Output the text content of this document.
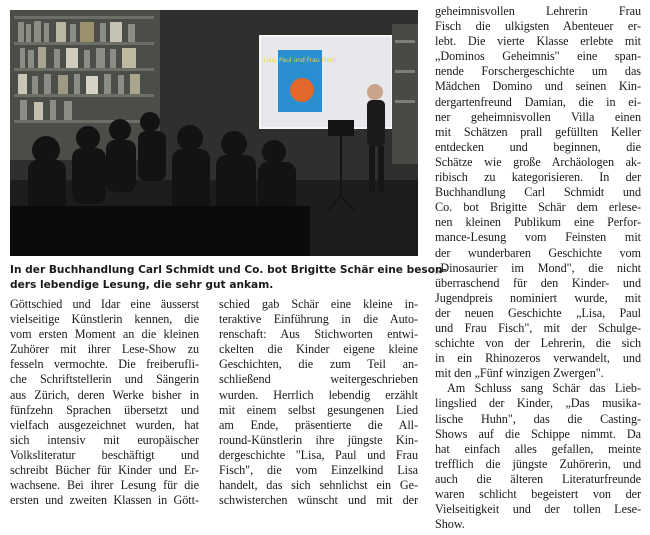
Lisa, Paul und Frau Fisch
In der Buchhandlung Carl Schmidt und Co. bot Brigitte Schär eine beson-
ders lebendige Lesung, die sehr gut ankam.
Göttschied und Idar eine äusserst
vielseitige Künstlerin kennen, die
vom ersten Moment an die kleinen
Zuhörer mit ihrer Lese-Show zu
fesseln vermochte. Die freiberufli-
che Schriftstellerin und Sängerin
aus Zürich, deren Werke bisher in
fünfzehn Sprachen übersetzt und
vielfach ausgezeichnet wurden, hat
sich intensiv mit europäischer
Volksliteratur beschäftigt und
schreibt Bücher für Kinder und Er-
wachsene. Bei ihrer Lesung für die
ersten und zweiten Klassen in Gött-
schied gab Schär eine kleine in-
teraktive Einführung in die Auto-
renschaft: Aus Stichworten entwi-
ckelten die Kinder eigene kleine
Geschichten, die zum Teil an-
schließend weitergeschrieben
wurden. Herrlich lebendig erzählt
mit einem selbst gesungenen Lied
am Ende, präsentierte die All-
round-Künstlerin ihre jüngste Kin-
dergeschichte "Lisa, Paul und Frau
Fisch", die vom Einzelkind Lisa
handelt, das sich sehnlichst ein Ge-
schwisterchen wünscht und mit der
geheimnisvollen Lehrerin Frau
Fisch die ulkigsten Abenteuer er-
lebt. Die vierte Klasse erlebte mit
„Dominos Geheimnis" eine span-
nende Forschergeschichte um das
Mädchen Domino und seinen Kin-
dergartenfreund Damian, die in ei-
ner geheimnisvollen Villa einen
mit Schätzen prall gefüllten Keller
entdecken und beginnen, die
Schätze wie große Archäologen ak-
ribisch zu kategorisieren. In der
Buchhandlung Carl Schmidt und
Co. bot Brigitte Schär dem erlese-
nen kleinen Publikum eine Perfor-
mance-Lesung vom Feinsten mit
der wunderbaren Geschichte vom
„Dinosaurier im Mond", die nicht
überraschend für den Kinder- und
Jugendpreis nominiert wurde, mit
der neuen Geschichte „Lisa, Paul
und Frau Fisch", mit der Schulge-
schichte von der Lehrerin, die sich
in ein Rhinozeros verwandelt, und
mit den „Fünf winzigen Zwergen".
Am Schluss sang Schär das Lieb-
lingslied der Kinder, „Das musika-
lische Huhn", das die Casting-
Shows auf die Schippe nimmt. Da
hat einfach alles gefallen, meinte
trefflich die jüngste Zuhörerin, und
auch die älteren Literaturfreunde
waren schlicht begeistert von der
Vielseitigkeit und der tollen Lese-
Show.
